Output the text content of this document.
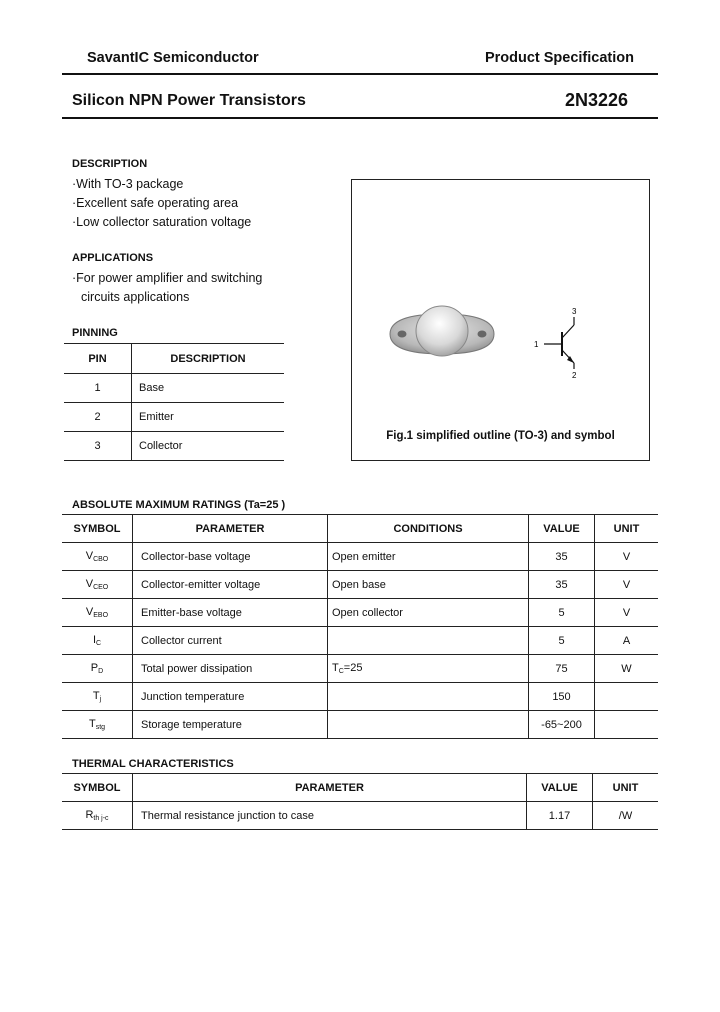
SavantIC Semiconductor	Product Specification
Silicon NPN Power Transistors	2N3226
DESCRIPTION
·With TO-3 package
·Excellent safe operating area
·Low collector saturation voltage
APPLICATIONS
·For power amplifier and switching
circuits applications
PINNING
PIN	DESCRIPTION
1	Base
2	Emitter
3	Collector
1
3
2
Fig.1 simplified outline (TO-3) and symbol
ABSOLUTE MAXIMUM RATINGS (Ta=25 )
SYMBOL	PARAMETER	CONDITIONS	VALUE	UNIT
VCBO	Collector-base voltage	Open emitter	35	V
VCEO	Collector-emitter voltage	Open base	35	V
VEBO	Emitter-base voltage	Open collector	5	V
IC	Collector current		5	A
PD	Total power dissipation	TC=25	75	W
Tj	Junction temperature		150	
Tstg	Storage temperature		-65~200	
THERMAL CHARACTERISTICS
SYMBOL	PARAMETER	VALUE	UNIT
Rth j-c	Thermal resistance junction to case	1.17	/W
